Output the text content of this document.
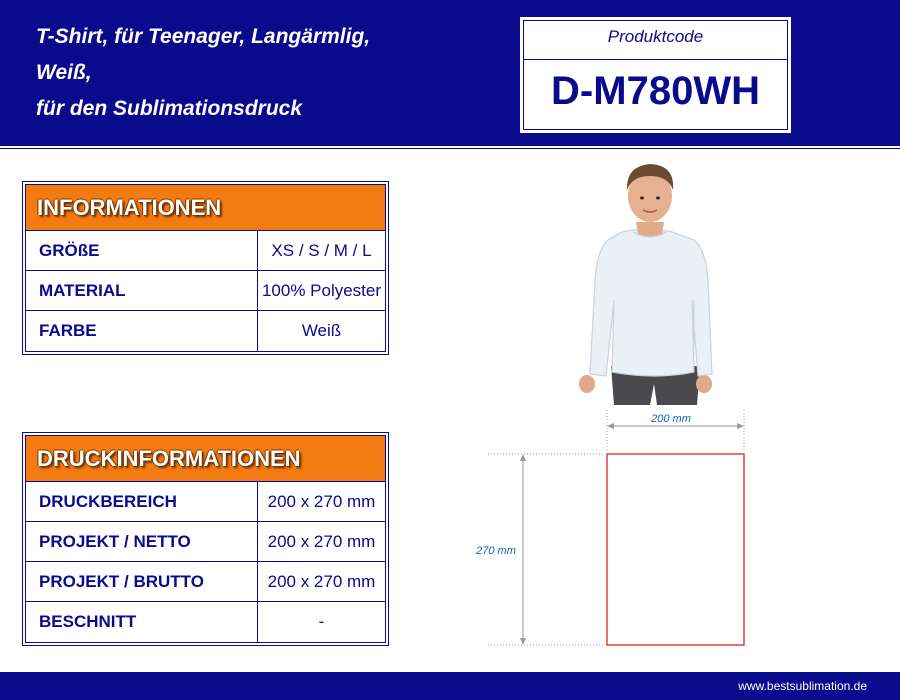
T-Shirt, für Teenager, Langärmlig,
Weiß,
für den Sublimationsdruck
Produktcode
D-M780WH
INFORMATIONEN
GRÖßE	XS / S / M / L
MATERIAL	100% Polyester
FARBE	Weiß
DRUCKINFORMATIONEN
DRUCKBEREICH	200 x 270 mm
PROJEKT / NETTO	200 x 270 mm
PROJEKT / BRUTTO	200 x 270 mm
BESCHNITT	-
200 mm
270 mm
www.bestsublimation.de
